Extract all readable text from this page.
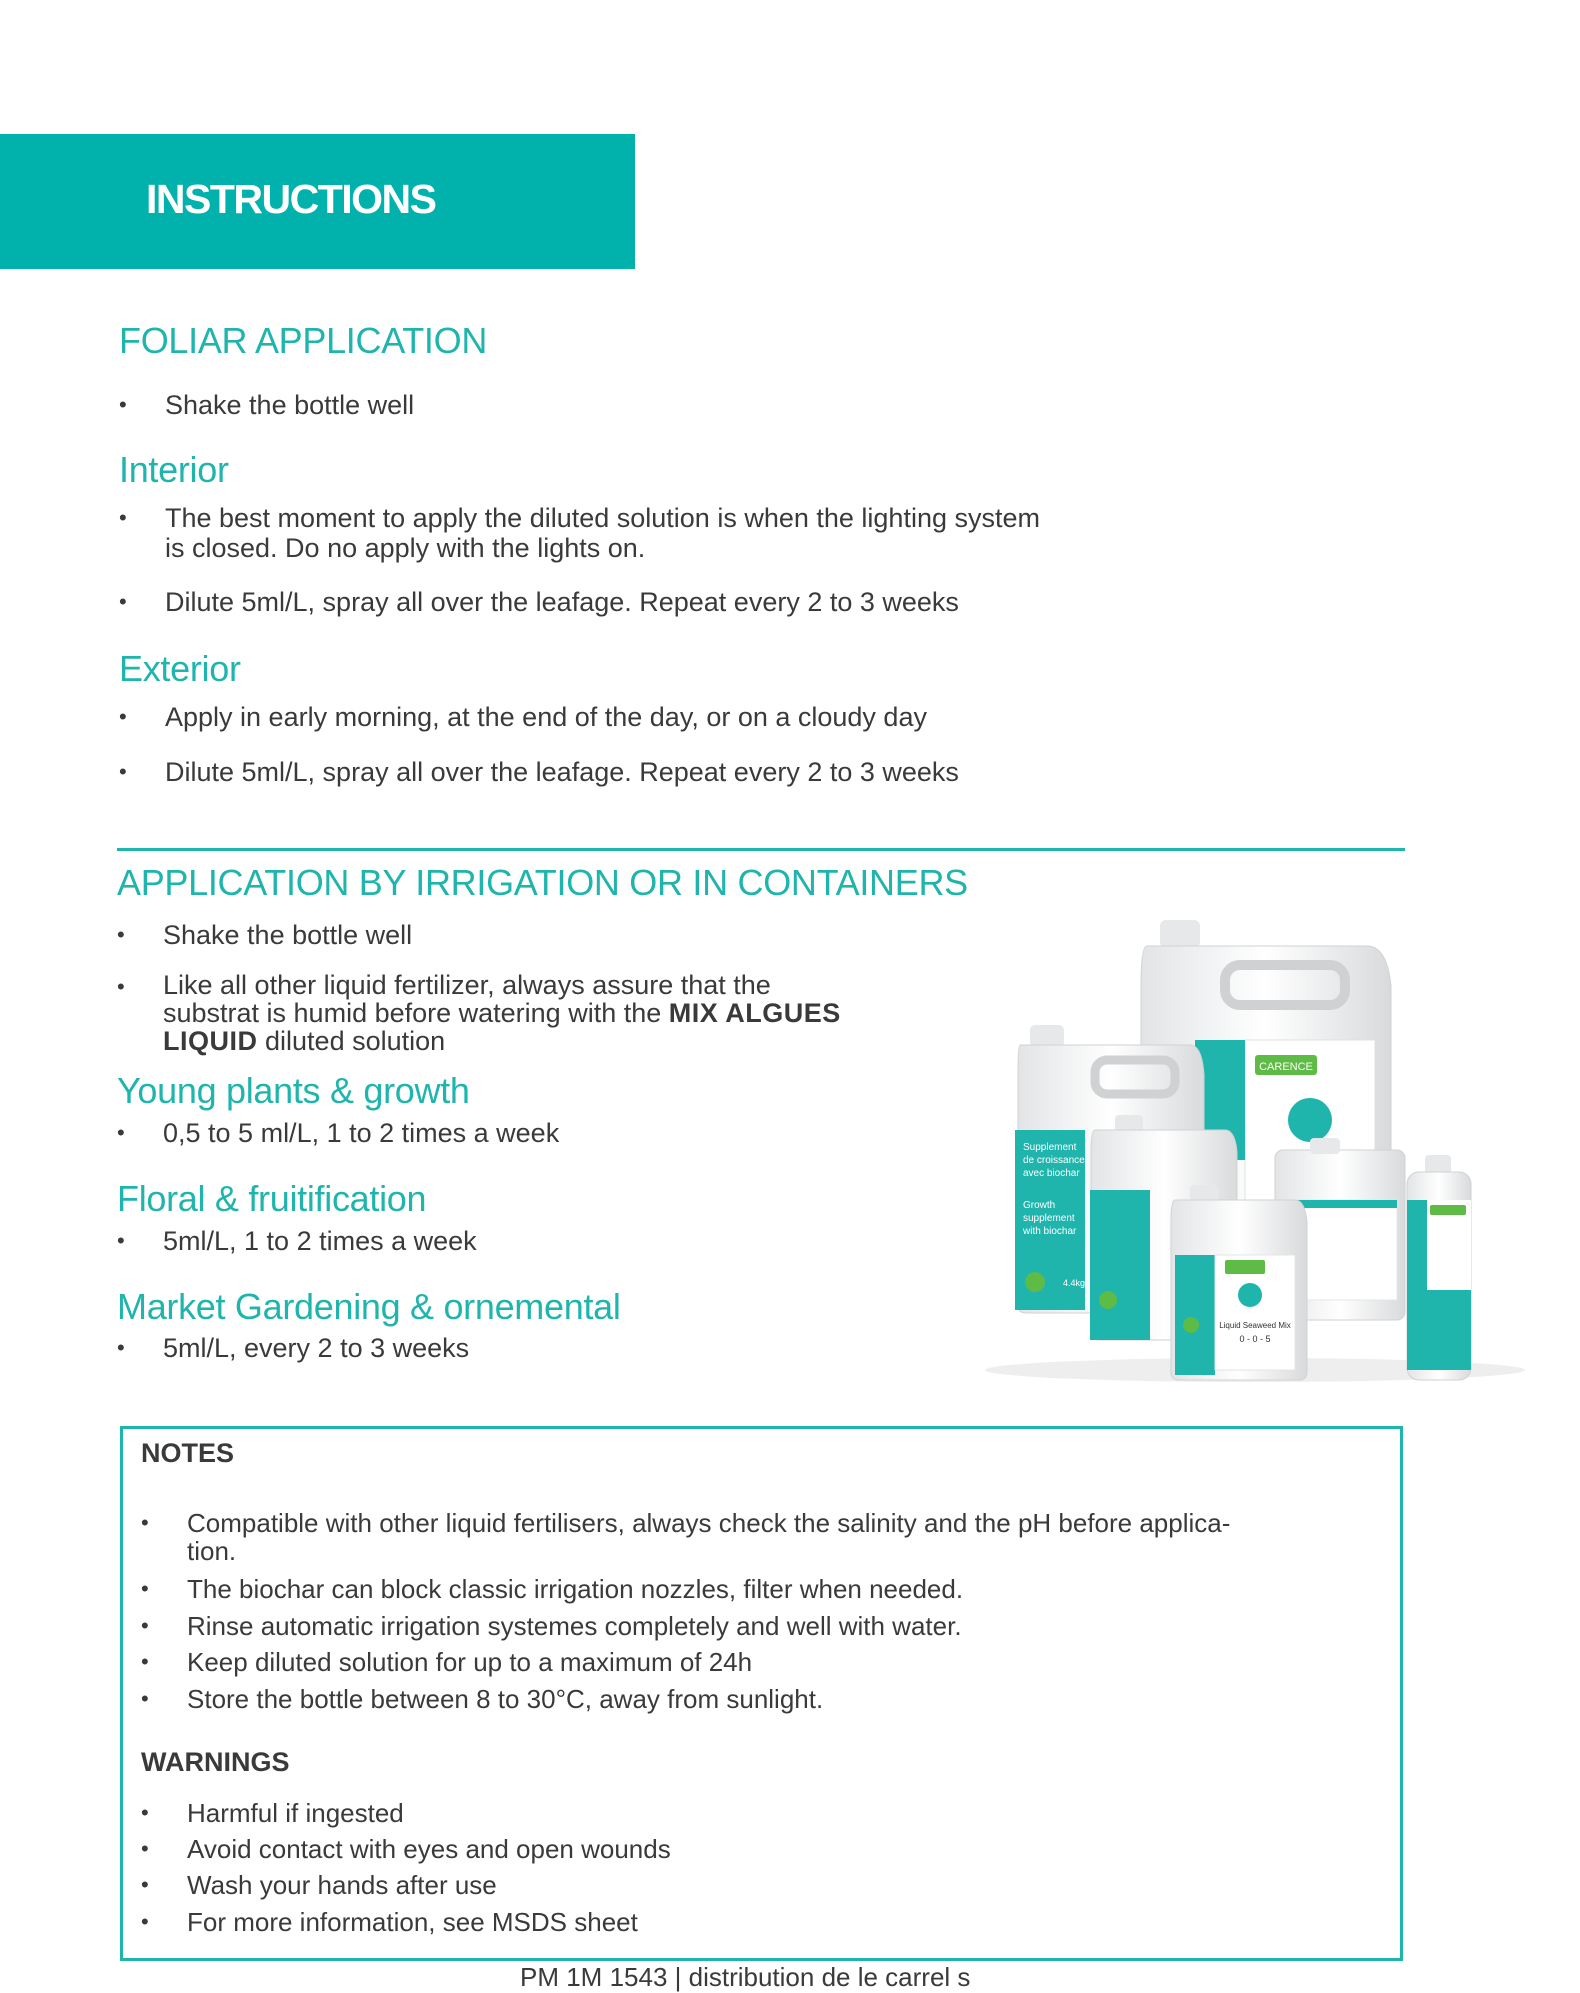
INSTRUCTIONS
FOLIAR APPLICATION
• Shake the bottle well
Interior
• The best moment to apply the diluted solution is when the lighting system
is closed. Do no apply with the lights on.
• Dilute 5ml/L, spray all over the leafage. Repeat every 2 to 3 weeks
Exterior
• Apply in early morning, at the end of the day, or on a cloudy day
• Dilute 5ml/L, spray all over the leafage. Repeat every 2 to 3 weeks
APPLICATION BY IRRIGATION OR IN CONTAINERS
• Shake the bottle well
• Like all other liquid fertilizer, always assure that the
substrat is humid before watering with the MIX ALGUES
LIQUID diluted solution
Young plants & growth
• 0,5 to 5 ml/L, 1 to 2 times a week
Floral & fruitification
• 5ml/L, 1 to 2 times a week
Market Gardening & ornemental
• 5ml/L, every 2 to 3 weeks
CARENCE
Supplement
de croissance
avec biochar
Growth
supplement
with biochar
4.4kg
Liquid Seaweed Mix
0 - 0 - 5
NOTES
• Compatible with other liquid fertilisers, always check the salinity and the pH before applica-
tion.
• The biochar can block classic irrigation nozzles, filter when needed.
• Rinse automatic irrigation systemes completely and well with water.
• Keep diluted solution for up to a maximum of 24h
• Store the bottle between 8 to 30°C, away from sunlight.
WARNINGS
• Harmful if ingested
• Avoid contact with eyes and open wounds
• Wash your hands after use
• For more information, see MSDS sheet
PM 1M 1543 | distribution de le carrel s
